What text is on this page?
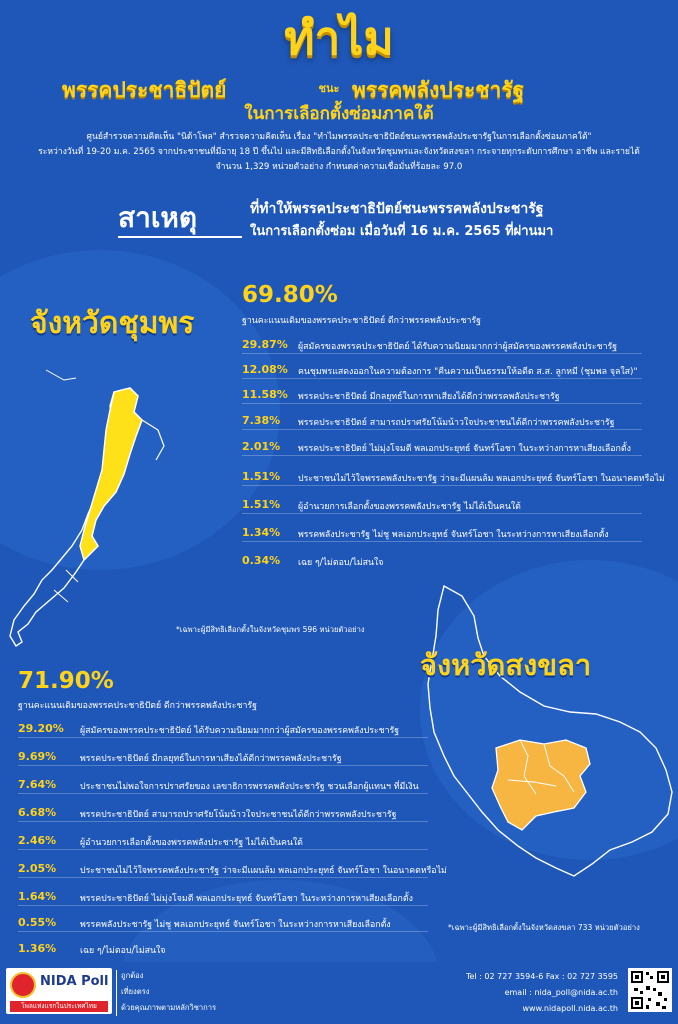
ทำไม
พรรคประชาธิปัตย์	ชนะ พรรคพลังประชารัฐ
ในการเลือกตั้งซ่อมภาคใต้
ศูนย์สำรวจความคิดเห็น "นิด้าโพล" สำรวจความคิดเห็น เรื่อง "ทำไมพรรคประชาธิปัตย์ชนะพรรคพลังประชารัฐในการเลือกตั้งซ่อมภาคใต้"
ระหว่างวันที่ 19-20 ม.ค. 2565 จากประชาชนที่มีอายุ 18 ปี ขึ้นไป และมีสิทธิเลือกตั้งในจังหวัดชุมพรและจังหวัดสงขลา กระจายทุกระดับการศึกษา อาชีพ และรายได้
จำนวน 1,329 หน่วยตัวอย่าง กำหนดค่าความเชื่อมั่นที่ร้อยละ 97.0
สาเหตุ	ที่ทำให้พรรคประชาธิปัตย์ชนะพรรคพลังประชารัฐ
ในการเลือกตั้งซ่อม เมื่อวันที่ 16 ม.ค. 2565 ที่ผ่านมา
จังหวัดชุมพร
69.80%
ฐานคะแนนเดิมของพรรคประชาธิปัตย์ ดีกว่าพรรคพลังประชารัฐ
29.87% ผู้สมัครของพรรคประชาธิปัตย์ ได้รับความนิยมมากกว่าผู้สมัครของพรรคพลังประชารัฐ
12.08% คนชุมพรแสดงออกในความต้องการ "คืนความเป็นธรรมให้อดีต ส.ส. ลูกหมี (ชุมพล จุลใส)"
11.58% พรรคประชาธิปัตย์ มีกลยุทธ์ในการหาเสียงได้ดีกว่าพรรคพลังประชารัฐ
7.38% พรรคประชาธิปัตย์ สามารถปราศรัยโน้มน้าวใจประชาชนได้ดีกว่าพรรคพลังประชารัฐ
2.01% พรรคประชาธิปัตย์ ไม่มุ่งโจมตี พลเอกประยุทธ์ จันทร์โอชา ในระหว่างการหาเสียงเลือกตั้ง
1.51% ประชาชนไม่ไว้ใจพรรคพลังประชารัฐ ว่าจะมีแผนล้ม พลเอกประยุทธ์ จันทร์โอชา ในอนาคตหรือไม่
1.51% ผู้อำนวยการเลือกตั้งของพรรคพลังประชารัฐ ไม่ได้เป็นคนใต้
1.34% พรรคพลังประชารัฐ ไม่ชู พลเอกประยุทธ์ จันทร์โอชา ในระหว่างการหาเสียงเลือกตั้ง
0.34% เฉย ๆ/ไม่ตอบ/ไม่สนใจ
*เฉพาะผู้มีสิทธิเลือกตั้งในจังหวัดชุมพร 596 หน่วยตัวอย่าง
จังหวัดสงขลา
71.90%
ฐานคะแนนเดิมของพรรคประชาธิปัตย์ ดีกว่าพรรคพลังประชารัฐ
29.20% ผู้สมัครของพรรคประชาธิปัตย์ ได้รับความนิยมมากกว่าผู้สมัครของพรรคพลังประชารัฐ
9.69%	พรรคประชาธิปัตย์ มีกลยุทธ์ในการหาเสียงได้ดีกว่าพรรคพลังประชารัฐ
7.64%	ประชาชนไม่พอใจการปราศรัยของ เลขาธิการพรรคพลังประชารัฐ ชวนเลือกผู้แทนฯ ที่มีเงิน
6.68%	พรรคประชาธิปัตย์ สามารถปราศรัยโน้มน้าวใจประชาชนได้ดีกว่าพรรคพลังประชารัฐ
2.46%	ผู้อำนวยการเลือกตั้งของพรรคพลังประชารัฐ ไม่ได้เป็นคนใต้
2.05%	ประชาชนไม่ไว้ใจพรรคพลังประชารัฐ ว่าจะมีแผนล้ม พลเอกประยุทธ์ จันทร์โอชา ในอนาคตหรือไม่
1.64%	พรรคประชาธิปัตย์ ไม่มุ่งโจมตี พลเอกประยุทธ์ จันทร์โอชา ในระหว่างการหาเสียงเลือกตั้ง
0.55%	พรรคพลังประชารัฐ ไม่ชู พลเอกประยุทธ์ จันทร์โอชา ในระหว่างการหาเสียงเลือกตั้ง
1.36%	เฉย ๆ/ไม่ตอบ/ไม่สนใจ
*เฉพาะผู้มีสิทธิเลือกตั้งในจังหวัดสงขลา 733 หน่วยตัวอย่าง
NIDA Poll
โพลแห่งแรกในประเทศไทย
ถูกต้อง
เที่ยงตรง
ด้วยคุณภาพตามหลักวิชาการ
Tel : 02 727 3594-6 Fax : 02 727 3595
email : nida_poll@nida.ac.th
www.nidapoll.nida.ac.th
